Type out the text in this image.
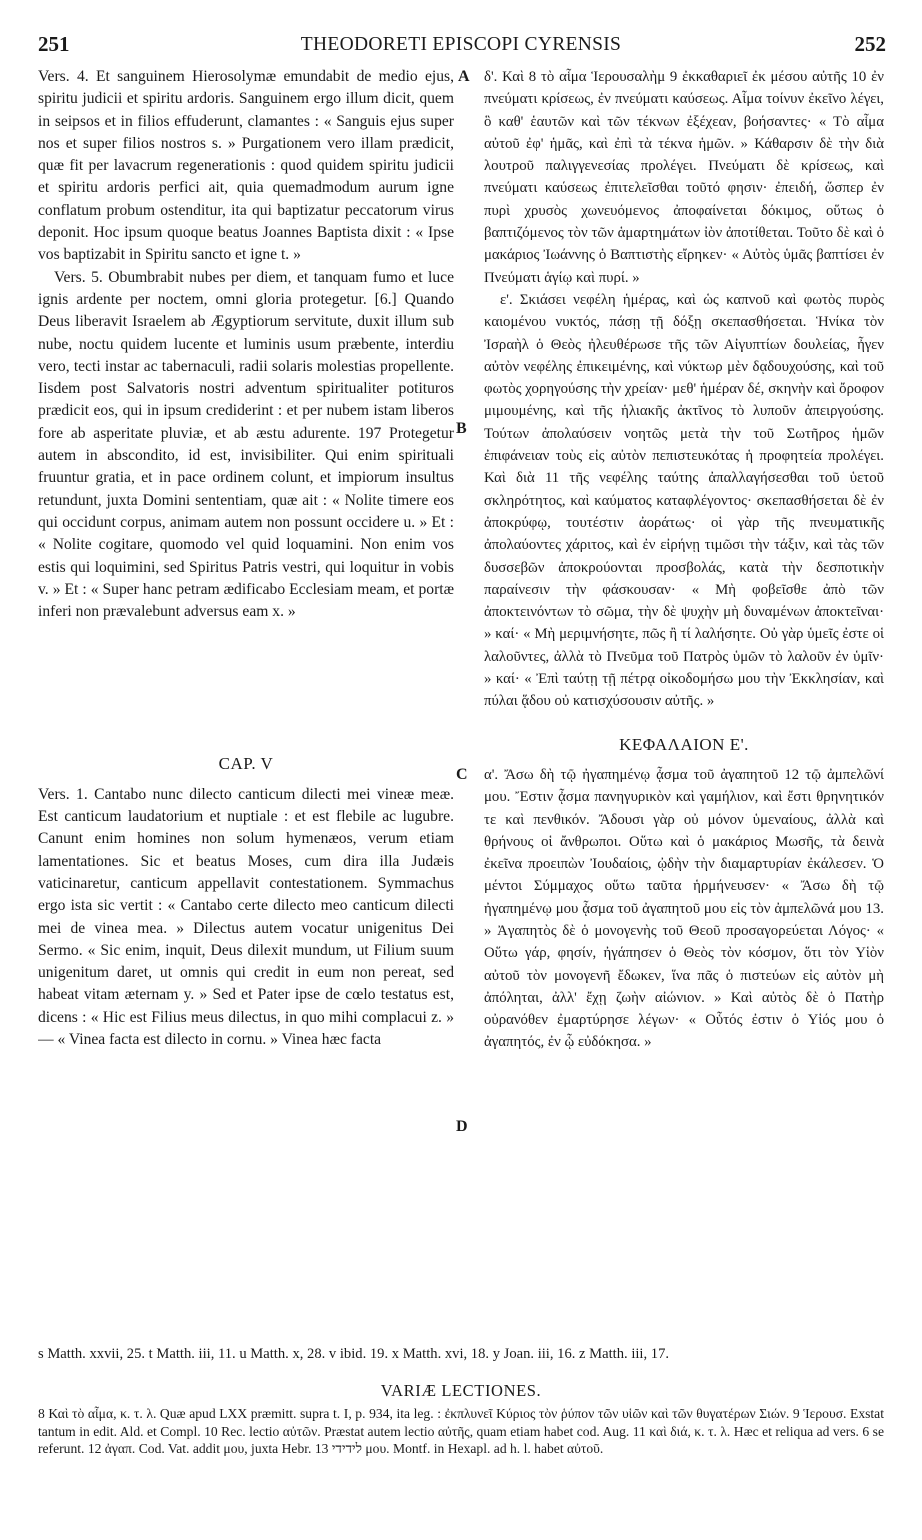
251	THEODORETI EPISCOPI CYRENSIS	252

Vers. 4. Et sanguinem Hierosolymæ emundabit de medio ejus, spiritu judicii et spiritu ardoris. Sanguinem ergo illum dicit, quem in seipsos et in filios effuderunt, clamantes : « Sanguis ejus super nos et super filios nostros s. » Purgationem vero illam prædicit, quæ fit per lavacrum regenerationis : quod quidem spiritu judicii et spiritu ardoris perfici ait, quia quemadmodum aurum igne conflatum probum ostenditur, ita qui baptizatur peccatorum virus deponit. Hoc ipsum quoque beatus Joannes Baptista dixit : « Ipse vos baptizabit in Spiritu sancto et igne t. »

Vers. 5. Obumbrabit nubes per diem, et tanquam fumo et luce ignis ardente per noctem, omni gloria protegetur. [6.] Quando Deus liberavit Israelem ab Ægyptiorum servitute, duxit illum sub nube, noctu quidem lucente et luminis usum præbente, interdiu vero, tecti instar ac tabernaculi, radii solaris molestias propellente. Iisdem post Salvatoris nostri adventum spiritualiter potituros prædicit eos, qui in ipsum crediderint : et per nubem istam liberos fore ab asperitate pluviæ, et ab æstu adurente. 197 Protegetur autem in abscondito, id est, invisibiliter. Qui enim spirituali fruuntur gratia, et in pace ordinem colunt, et impiorum insultus retundunt, juxta Domini sententiam, quæ ait : « Nolite timere eos qui occidunt corpus, animam autem non possunt occidere u. » Et : « Nolite cogitare, quomodo vel quid loquamini. Non enim vos estis qui loquimini, sed Spiritus Patris vestri, qui loquitur in vobis v. » Et : « Super hanc petram ædificabo Ecclesiam meam, et portæ inferi non prævalebunt adversus eam x. »

CAP. V

Vers. 1. Cantabo nunc dilecto canticum dilecti mei vineæ meæ. Est canticum laudatorium et nuptiale : et est flebile ac lugubre. Canunt enim homines non solum hymenæos, verum etiam lamentationes. Sic et beatus Moses, cum dira illa Judæis vaticinaretur, canticum appellavit contestationem. Symmachus ergo ista sic vertit : « Cantabo certe dilecto meo canticum dilecti mei de vinea mea. » Dilectus autem vocatur unigenitus Dei Sermo. « Sic enim, inquit, Deus dilexit mundum, ut Filium suum unigenitum daret, ut omnis qui credit in eum non pereat, sed habeat vitam æternam y. » Sed et Pater ipse de cœlo testatus est, dicens : « Hic est Filius meus dilectus, in quo mihi complacui z. » — « Vinea facta est dilecto in cornu. » Vinea hæc facta

A
B
C
D

δ'. Καὶ 8 τὸ αἷμα Ἱερουσαλὴμ 9 ἐκκαθαριεῖ ἐκ μέσου αὐτῆς 10 ἐν πνεύματι κρίσεως, ἐν πνεύματι καύσεως. Αἷμα τοίνυν ἐκεῖνο λέγει, ὃ καθ' ἑαυτῶν καὶ τῶν τέκνων ἐξέχεαν, βοήσαντες· « Τὸ αἷμα αὐτοῦ ἐφ' ἡμᾶς, καὶ ἐπὶ τὰ τέκνα ἡμῶν. » Κάθαρσιν δὲ τὴν διὰ λουτροῦ παλιγγενεσίας προλέγει. Πνεύματι δὲ κρίσεως, καὶ πνεύματι καύσεως ἐπιτελεῖσθαι τοῦτό φησιν· ἐπειδή, ὥσπερ ἐν πυρὶ χρυσὸς χωνευόμενος ἀποφαίνεται δόκιμος, οὕτως ὁ βαπτιζόμενος τὸν τῶν ἁμαρτημάτων ἰὸν ἀποτίθεται. Τοῦτο δὲ καὶ ὁ μακάριος Ἰωάννης ὁ Βαπτιστὴς εἴρηκεν· « Αὐτὸς ὑμᾶς βαπτίσει ἐν Πνεύματι ἁγίῳ καὶ πυρί. »

ε'. Σκιάσει νεφέλη ἡμέρας, καὶ ὡς καπνοῦ καὶ φωτὸς πυρὸς καιομένου νυκτός, πάσῃ τῇ δόξῃ σκεπασθήσεται. Ἡνίκα τὸν Ἰσραὴλ ὁ Θεὸς ἠλευθέρωσε τῆς τῶν Αἰγυπτίων δουλείας, ἦγεν αὐτὸν νεφέλης ἐπικειμένης, καὶ νύκτωρ μὲν δᾳδουχούσης, καὶ τοῦ φωτὸς χορηγούσης τὴν χρείαν· μεθ' ἡμέραν δέ, σκηνὴν καὶ ὄροφον μιμουμένης, καὶ τῆς ἡλιακῆς ἀκτῖνος τὸ λυποῦν ἀπειργούσης. Τούτων ἀπολαύσειν νοητῶς μετὰ τὴν τοῦ Σωτῆρος ἡμῶν ἐπιφάνειαν τοὺς εἰς αὐτὸν πεπιστευκότας ἡ προφητεία προλέγει. Καὶ διὰ 11 τῆς νεφέλης ταύτης ἀπαλλαγήσεσθαι τοῦ ὑετοῦ σκληρότητος, καὶ καύματος καταφλέγοντος· σκεπασθήσεται δὲ ἐν ἀποκρύφῳ, τουτέστιν ἀοράτως· οἱ γὰρ τῆς πνευματικῆς ἀπολαύοντες χάριτος, καὶ ἐν εἰρήνῃ τιμῶσι τὴν τάξιν, καὶ τὰς τῶν δυσσεβῶν ἀποκρούονται προσβολάς, κατὰ τὴν δεσποτικὴν παραίνεσιν τὴν φάσκουσαν· « Μὴ φοβεῖσθε ἀπὸ τῶν ἀποκτεινόντων τὸ σῶμα, τὴν δὲ ψυχὴν μὴ δυναμένων ἀποκτεῖναι· » καί· « Μὴ μεριμνήσητε, πῶς ἢ τί λαλήσητε. Οὐ γὰρ ὑμεῖς ἐστε οἱ λαλοῦντες, ἀλλὰ τὸ Πνεῦμα τοῦ Πατρὸς ὑμῶν τὸ λαλοῦν ἐν ὑμῖν· » καί· « Ἐπὶ ταύτῃ τῇ πέτρᾳ οἰκοδομήσω μου τὴν Ἐκκλησίαν, καὶ πύλαι ᾅδου οὐ κατισχύσουσιν αὐτῆς. »

ΚΕΦΑΛΑΙΟΝ Ε'.

α'. Ἄσω δὴ τῷ ἠγαπημένῳ ᾆσμα τοῦ ἀγαπητοῦ 12 τῷ ἀμπελῶνί μου. Ἔστιν ᾆσμα πανηγυρικὸν καὶ γαμήλιον, καὶ ἔστι θρηνητικόν τε καὶ πενθικόν. Ἄδουσι γὰρ οὐ μόνον ὑμεναίους, ἀλλὰ καὶ θρήνους οἱ ἄνθρωποι. Οὕτω καὶ ὁ μακάριος Μωσῆς, τὰ δεινὰ ἐκεῖνα προειπὼν Ἰουδαίοις, ᾠδὴν τὴν διαμαρτυρίαν ἐκάλεσεν. Ὁ μέντοι Σύμμαχος οὕτω ταῦτα ἡρμήνευσεν· « Ἄσω δὴ τῷ ἠγαπημένῳ μου ᾆσμα τοῦ ἀγαπητοῦ μου εἰς τὸν ἀμπελῶνά μου 13. » Ἀγαπητὸς δὲ ὁ μονογενὴς τοῦ Θεοῦ προσαγορεύεται Λόγος· « Οὕτω γάρ, φησίν, ἠγάπησεν ὁ Θεὸς τὸν κόσμον, ὅτι τὸν Υἱὸν αὐτοῦ τὸν μονογενῆ ἔδωκεν, ἵνα πᾶς ὁ πιστεύων εἰς αὐτὸν μὴ ἀπόληται, ἀλλ' ἔχῃ ζωὴν αἰώνιον. » Καὶ αὐτὸς δὲ ὁ Πατὴρ οὐρανόθεν ἐμαρτύρησε λέγων· « Οὗτός ἐστιν ὁ Υἱός μου ὁ ἀγαπητός, ἐν ᾧ εὐδόκησα. »

s Matth. xxvii, 25. t Matth. iii, 11. u Matth. x, 28. v ibid. 19. x Matth. xvi, 18. y Joan. iii, 16. z Matth. iii, 17.

VARIÆ LECTIONES.

8 Καὶ τὸ αἷμα, κ. τ. λ. Quæ apud LXX præmitt. supra t. I, p. 934, ita leg. : ἐκπλυνεῖ Κύριος τὸν ῥύπον τῶν υἱῶν καὶ τῶν θυγατέρων Σιών. 9 Ἱερουσ. Exstat tantum in edit. Ald. et Compl. 10 Rec. lectio αὐτῶν. Præstat autem lectio αὐτῆς, quam etiam habet cod. Aug. 11 καὶ διά, κ. τ. λ. Hæc et reliqua ad vers. 6 se referunt. 12 ἀγαπ. Cod. Vat. addit μου, juxta Hebr. לידידי 13 μου. Montf. in Hexapl. ad h. l. habet αὐτοῦ.
